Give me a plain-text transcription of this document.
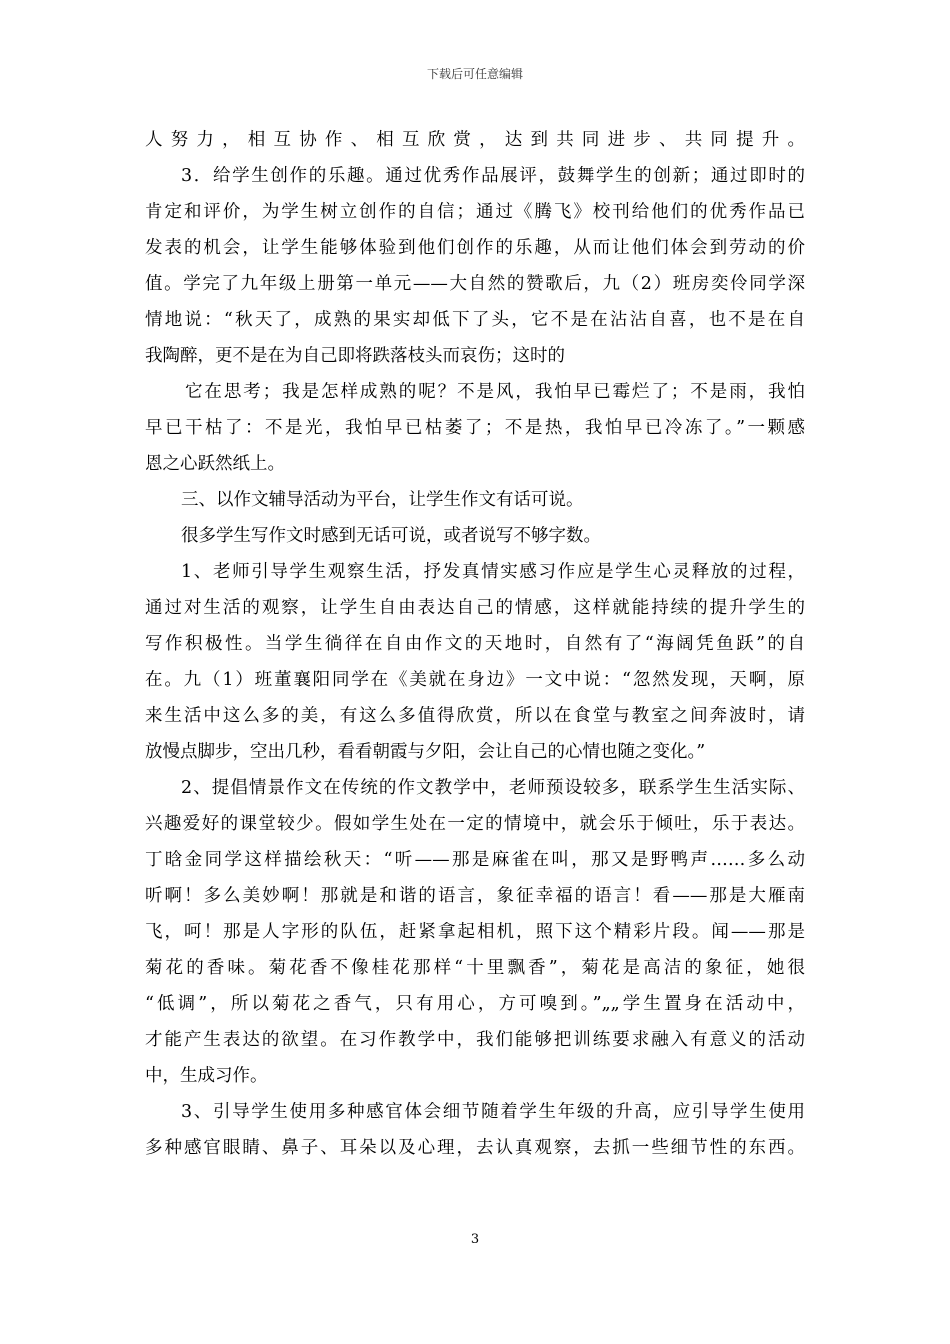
下载后可任意编辑
人努力，相互协作、相互欣赏，达到共同进步、共同提升。
3．给学生创作的乐趣。通过优秀作品展评，鼓舞学生的创新；通过即时的
肯定和评价，为学生树立创作的自信；通过《腾飞》校刊给他们的优秀作品已
发表的机会，让学生能够体验到他们创作的乐趣，从而让他们体会到劳动的价
值。学完了九年级上册第一单元——大自然的赞歌后，九（2）班房奕伶同学深
情地说：“秋天了，成熟的果实却低下了头，它不是在沾沾自喜，也不是在自
我陶醉，更不是在为自己即将跌落枝头而哀伤；这时的
它在思考；我是怎样成熟的呢？不是风，我怕早已霉烂了；不是雨，我怕
早已干枯了：不是光，我怕早已枯萎了；不是热，我怕早已冷冻了。”一颗感
恩之心跃然纸上。
三、以作文辅导活动为平台，让学生作文有话可说。
很多学生写作文时感到无话可说，或者说写不够字数。
1、老师引导学生观察生活，抒发真情实感习作应是学生心灵释放的过程，
通过对生活的观察，让学生自由表达自己的情感，这样就能持续的提升学生的
写作积极性。当学生徜徉在自由作文的天地时，自然有了“海阔凭鱼跃”的自
在。九（1）班董襄阳同学在《美就在身边》一文中说：“忽然发现，天啊，原
来生活中这么多的美，有这么多值得欣赏，所以在食堂与教室之间奔波时，请
放慢点脚步，空出几秒，看看朝霞与夕阳，会让自己的心情也随之变化。”
2、提倡情景作文在传统的作文教学中，老师预设较多，联系学生生活实际、
兴趣爱好的课堂较少。假如学生处在一定的情境中，就会乐于倾吐，乐于表达。
丁晗金同学这样描绘秋天：“听——那是麻雀在叫，那又是野鸭声……多么动
听啊！多么美妙啊！那就是和谐的语言，象征幸福的语言！看——那是大雁南
飞，呵！那是人字形的队伍，赶紧拿起相机，照下这个精彩片段。闻——那是
菊花的香味。菊花香不像桂花那样“十里飘香”，菊花是高洁的象征，她很
“低调”，所以菊花之香气，只有用心，方可嗅到。”„„学生置身在活动中，
才能产生表达的欲望。在习作教学中，我们能够把训练要求融入有意义的活动
中，生成习作。
3、引导学生使用多种感官体会细节随着学生年级的升高，应引导学生使用
多种感官眼睛、鼻子、耳朵以及心理，去认真观察，去抓一些细节性的东西。
3
